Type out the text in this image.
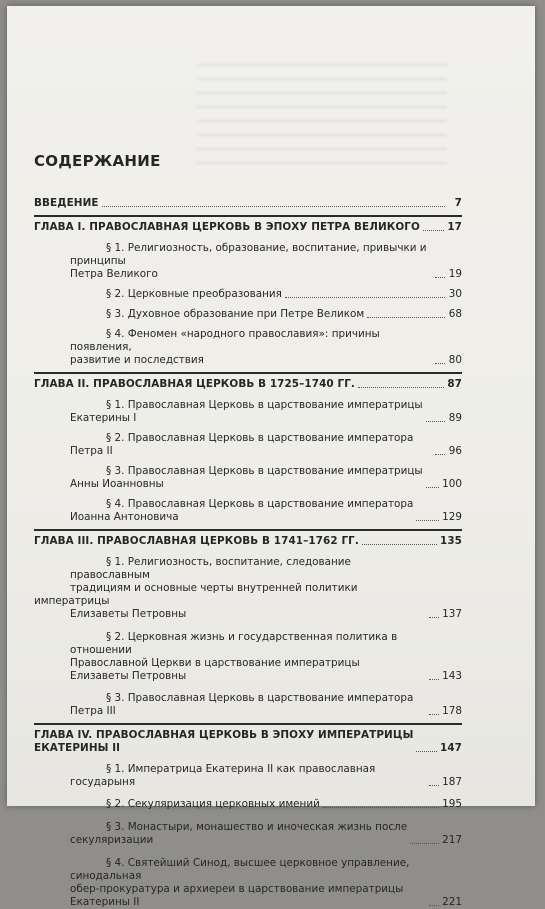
СОДЕРЖАНИЕ
ВВЕДЕНИЕ	7
ГЛАВА I. ПРАВОСЛАВНАЯ ЦЕРКОВЬ В ЭПОХУ ПЕТРА ВЕЛИКОГО	17
§ 1. Религиозность, образование, воспитание, привычки и принципы
Петра Великого	19
§ 2. Церковные преобразования	30
§ 3. Духовное образование при Петре Великом	68
§ 4. Феномен «народного православия»: причины появления,
развитие и последствия	80
ГЛАВА II. ПРАВОСЛАВНАЯ ЦЕРКОВЬ В 1725–1740 ГГ.	87
§ 1. Православная Церковь в царствование императрицы
Екатерины I	89
§ 2. Православная Церковь в царствование императора Петра II	96
§ 3. Православная Церковь в царствование императрицы
Анны Иоанновны	100
§ 4. Православная Церковь в царствование императора
Иоанна Антоновича	129
ГЛАВА III. ПРАВОСЛАВНАЯ ЦЕРКОВЬ В 1741–1762 ГГ.	135
§ 1. Религиозность, воспитание, следование православным
традициям и основные черты внутренней политики императрицы
Елизаветы Петровны	137
§ 2. Церковная жизнь и государственная политика в отношении
Православной Церкви в царствование императрицы
Елизаветы Петровны	143
§ 3. Православная Церковь в царствование императора Петра III	178
ГЛАВА IV. ПРАВОСЛАВНАЯ ЦЕРКОВЬ В ЭПОХУ ИМПЕРАТРИЦЫ
ЕКАТЕРИНЫ II	147
§ 1. Императрица Екатерина II как православная государыня	187
§ 2. Секуляризация церковных имений	195
§ 3. Монастыри, монашество и иноческая жизнь после
секуляризации	217
§ 4. Святейший Синод, высшее церковное управление, синодальная
обер-прокуратура и архиереи в царствование императрицы
Екатерины II	221
